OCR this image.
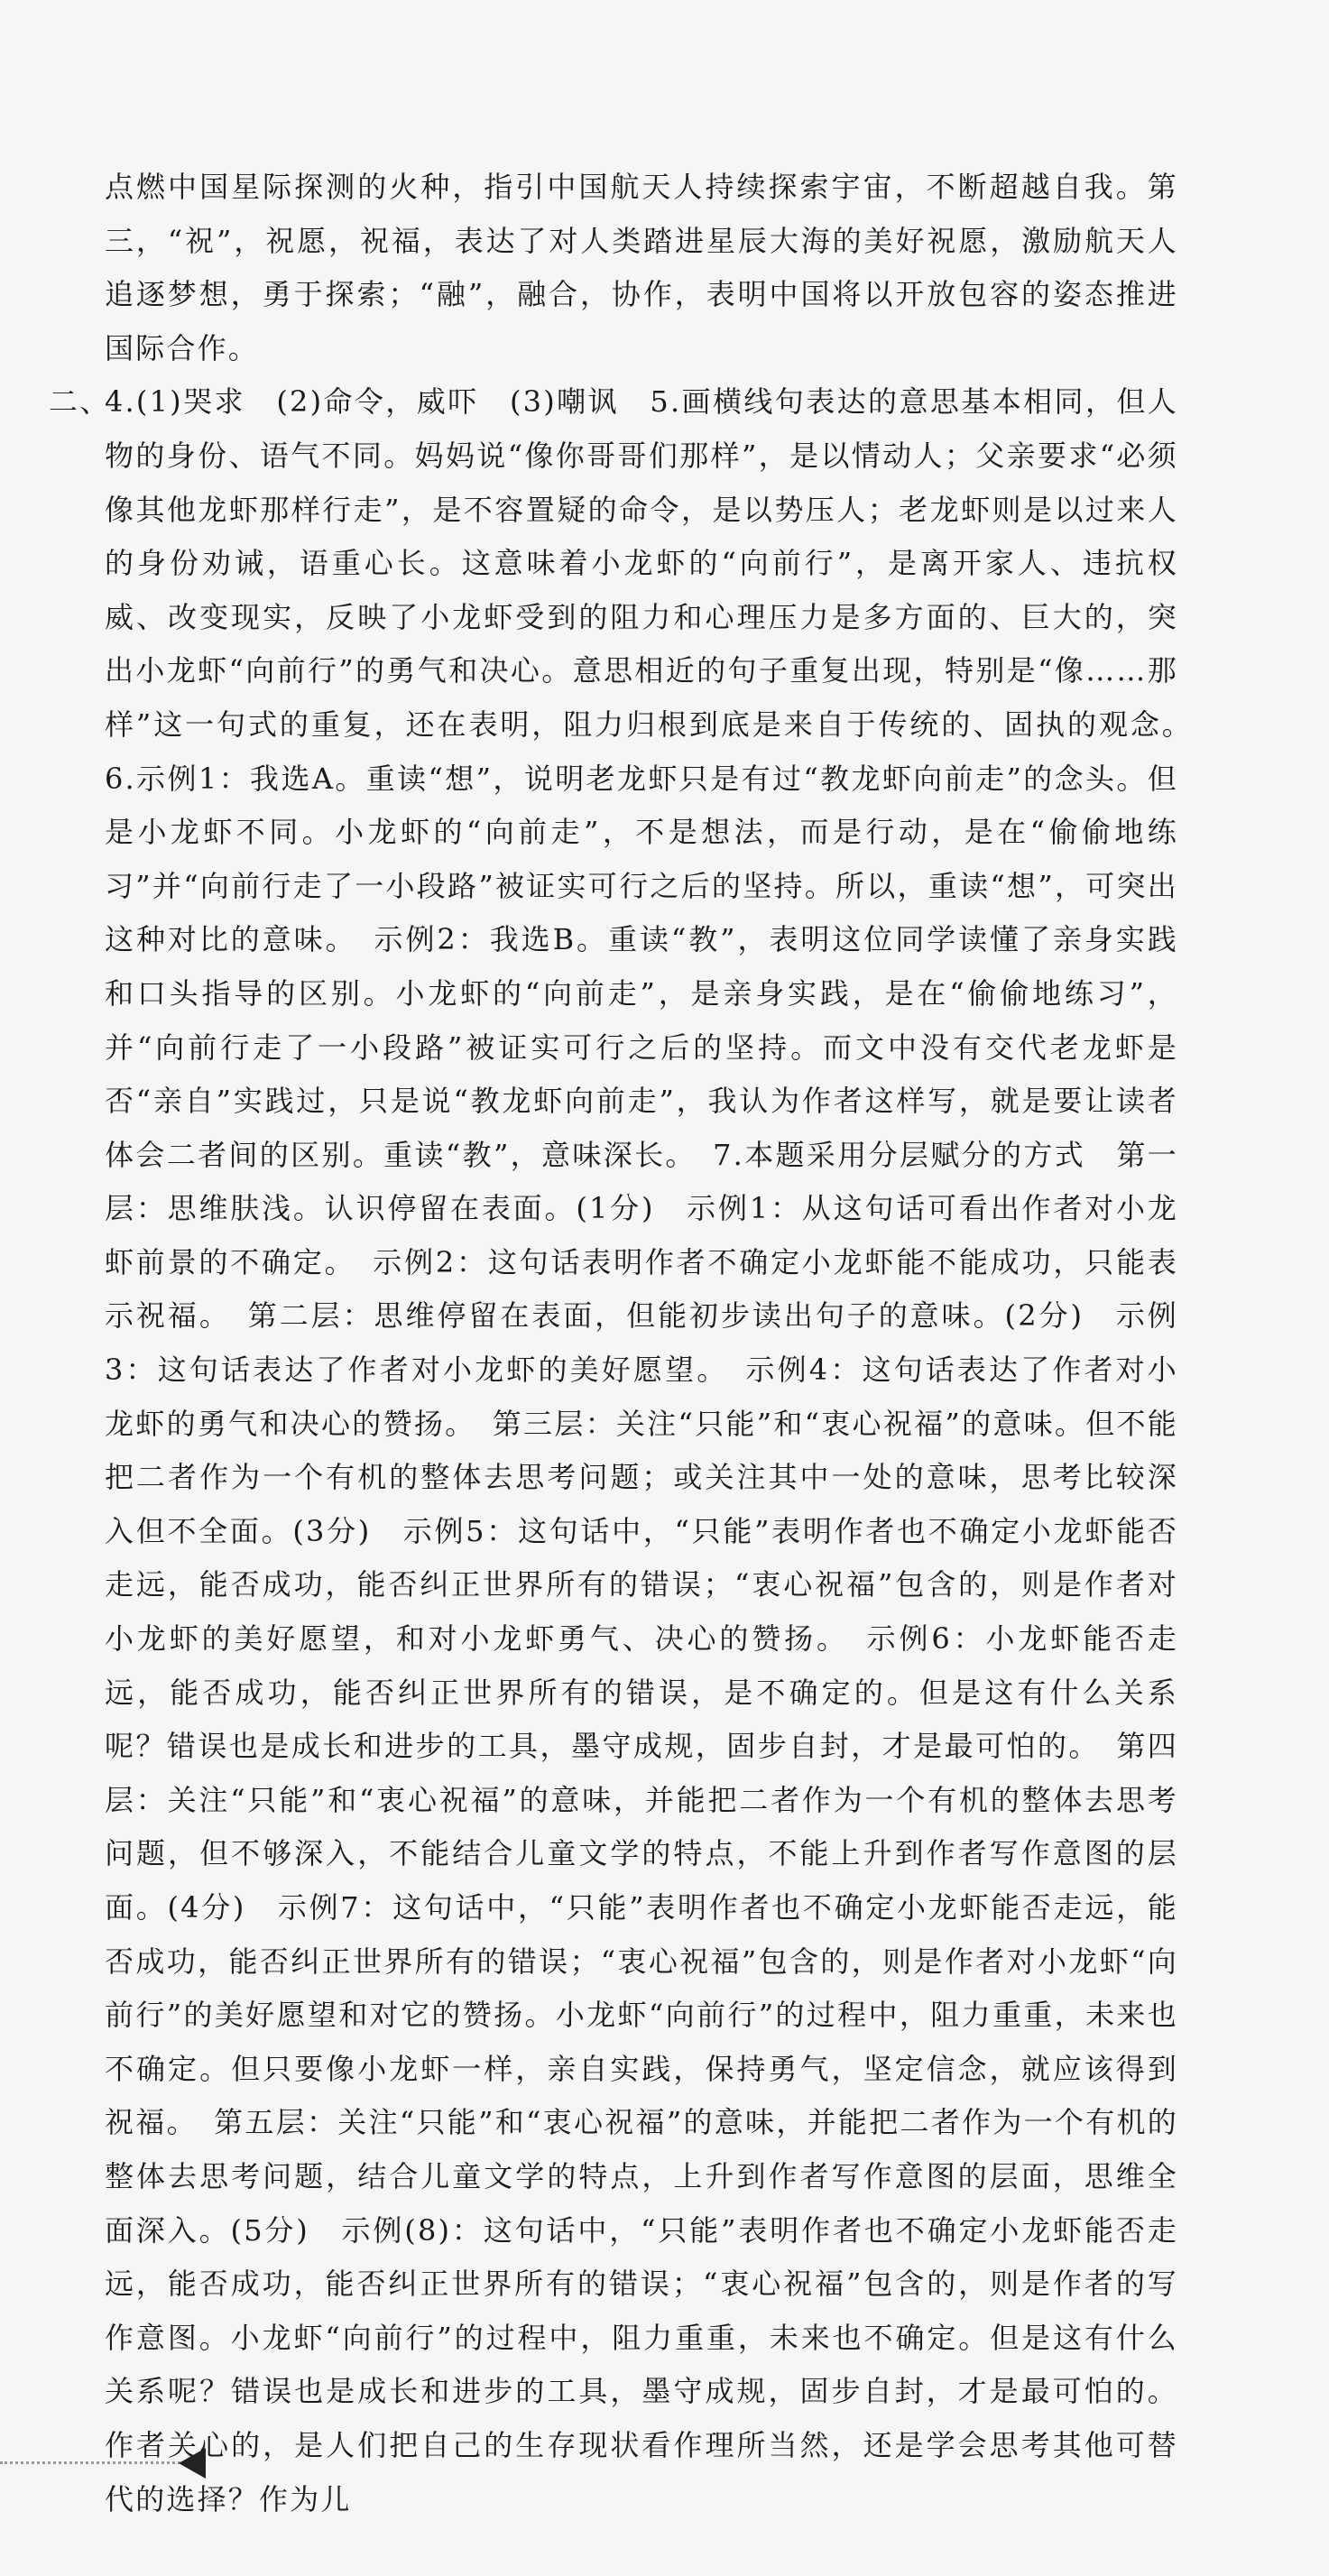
点燃中国星际探测的火种，指引中国航天人持续探索宇宙，不断超越自我。第三，“祝”，祝愿，祝福，表达了对人类踏进星辰大海的美好祝愿，激励航天人追逐梦想，勇于探索；“融”，融合，协作，表明中国将以开放包容的姿态推进国际合作。

二、
4.(1)哭求　(2)命令，威吓　(3)嘲讽　5.画横线句表达的意思基本相同，但人物的身份、语气不同。妈妈说“像你哥哥们那样”，是以情动人；父亲要求“必须像其他龙虾那样行走”，是不容置疑的命令，是以势压人；老龙虾则是以过来人的身份劝诫，语重心长。这意味着小龙虾的“向前行”，是离开家人、违抗权威、改变现实，反映了小龙虾受到的阻力和心理压力是多方面的、巨大的，突出小龙虾“向前行”的勇气和决心。意思相近的句子重复出现，特别是“像……那样”这一句式的重复，还在表明，阻力归根到底是来自于传统的、固执的观念。　6.示例1：我选A。重读“想”，说明老龙虾只是有过“教龙虾向前走”的念头。但是小龙虾不同。小龙虾的“向前走”，不是想法，而是行动，是在“偷偷地练习”并“向前行走了一小段路”被证实可行之后的坚持。所以，重读“想”，可突出这种对比的意味。　示例2：我选B。重读“教”，表明这位同学读懂了亲身实践和口头指导的区别。小龙虾的“向前走”，是亲身实践，是在“偷偷地练习”，并“向前行走了一小段路”被证实可行之后的坚持。而文中没有交代老龙虾是否“亲自”实践过，只是说“教龙虾向前走”，我认为作者这样写，就是要让读者体会二者间的区别。重读“教”，意味深长。　7.本题采用分层赋分的方式　第一层：思维肤浅。认识停留在表面。(1分)　示例1：从这句话可看出作者对小龙虾前景的不确定。　示例2：这句话表明作者不确定小龙虾能不能成功，只能表示祝福。　第二层：思维停留在表面，但能初步读出句子的意味。(2分)　示例3：这句话表达了作者对小龙虾的美好愿望。　示例4：这句话表达了作者对小龙虾的勇气和决心的赞扬。　第三层：关注“只能”和“衷心祝福”的意味。但不能把二者作为一个有机的整体去思考问题；或关注其中一处的意味，思考比较深入但不全面。(3分)　示例5：这句话中，“只能”表明作者也不确定小龙虾能否走远，能否成功，能否纠正世界所有的错误；“衷心祝福”包含的，则是作者对小龙虾的美好愿望，和对小龙虾勇气、决心的赞扬。　示例6：小龙虾能否走远，能否成功，能否纠正世界所有的错误，是不确定的。但是这有什么关系呢？错误也是成长和进步的工具，墨守成规，固步自封，才是最可怕的。　第四层：关注“只能”和“衷心祝福”的意味，并能把二者作为一个有机的整体去思考问题，但不够深入，不能结合儿童文学的特点，不能上升到作者写作意图的层面。(4分)　示例7：这句话中，“只能”表明作者也不确定小龙虾能否走远，能否成功，能否纠正世界所有的错误；“衷心祝福”包含的，则是作者对小龙虾“向前行”的美好愿望和对它的赞扬。小龙虾“向前行”的过程中，阻力重重，未来也不确定。但只要像小龙虾一样，亲自实践，保持勇气，坚定信念，就应该得到祝福。　第五层：关注“只能”和“衷心祝福”的意味，并能把二者作为一个有机的整体去思考问题，结合儿童文学的特点，上升到作者写作意图的层面，思维全面深入。(5分)　示例(8)：这句话中，“只能”表明作者也不确定小龙虾能否走远，能否成功，能否纠正世界所有的错误；“衷心祝福”包含的，则是作者的写作意图。小龙虾“向前行”的过程中，阻力重重，未来也不确定。但是这有什么关系呢？错误也是成长和进步的工具，墨守成规，固步自封，才是最可怕的。作者关心的，是人们把自己的生存现状看作理所当然，还是学会思考其他可替代的选择？作为儿
